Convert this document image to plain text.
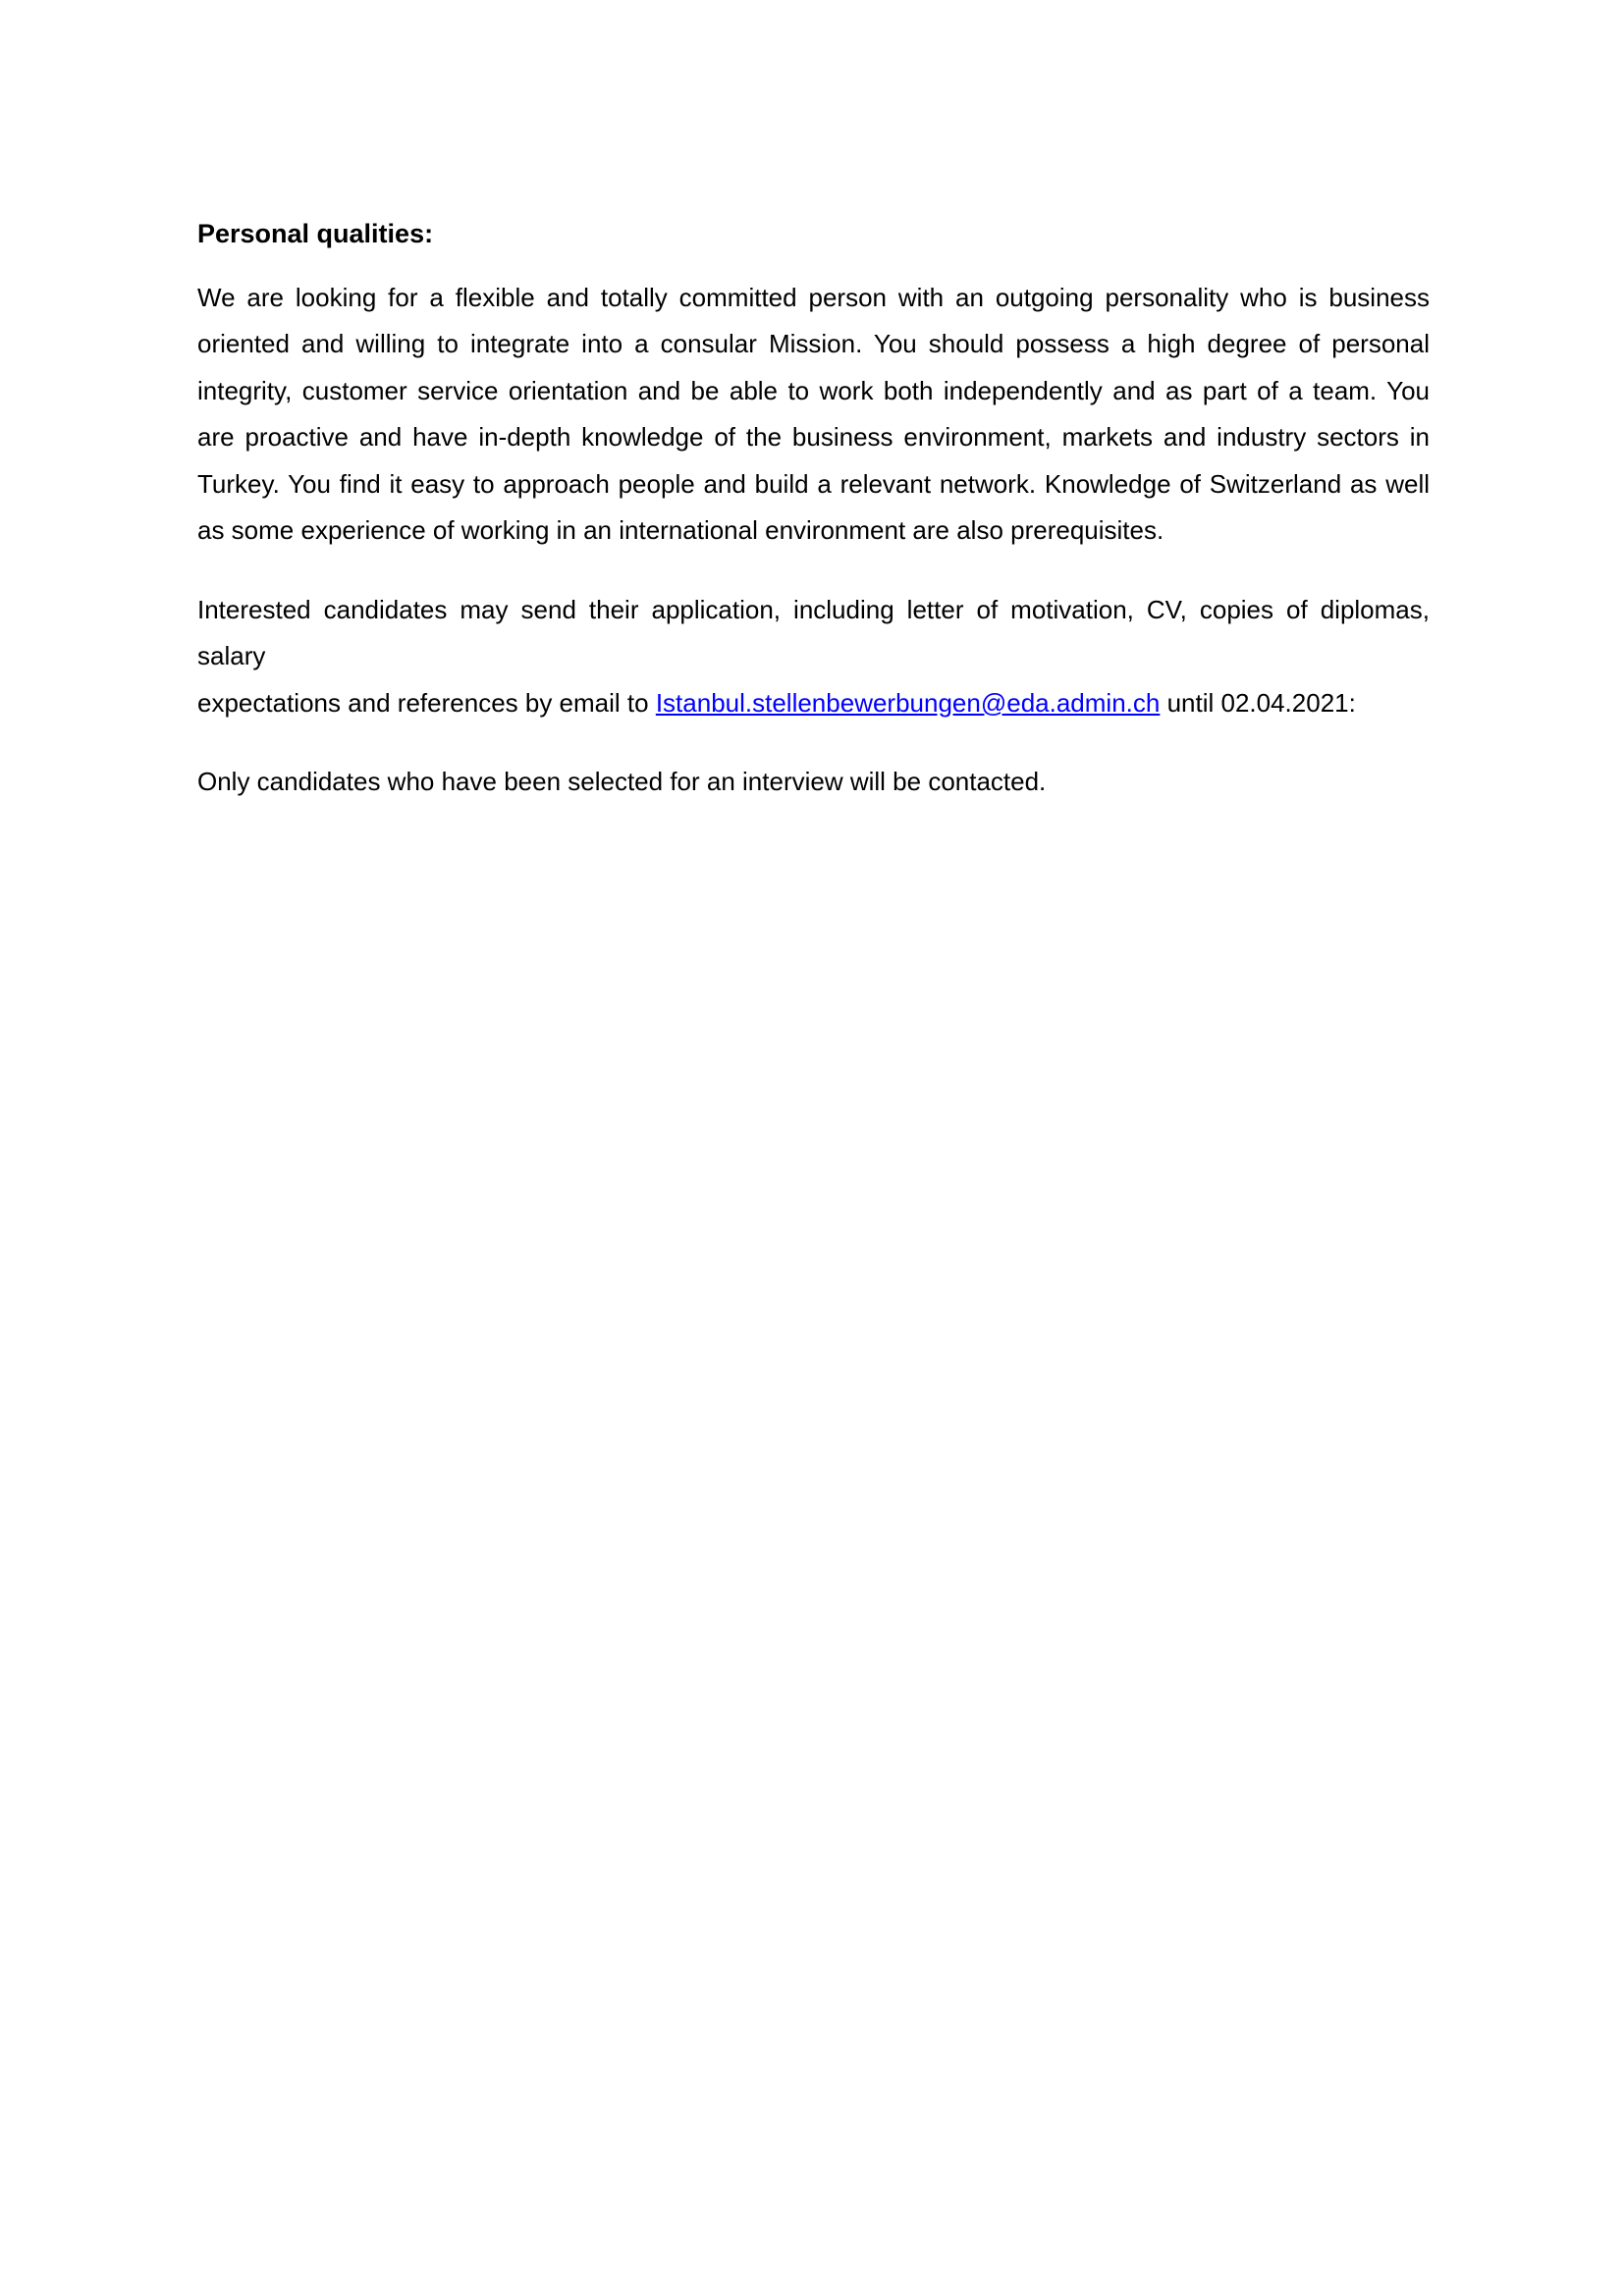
Personal qualities:
We are looking for a flexible and totally committed person with an outgoing personality who is business
oriented and willing to integrate into a consular Mission. You should possess a high degree of personal
integrity, customer service orientation and be able to work both independently and as part of a team. You
are proactive and have in-depth knowledge of the business environment, markets and industry sectors in
Turkey. You find it easy to approach people and build a relevant network. Knowledge of Switzerland as well
as some experience of working in an international environment are also prerequisites.
Interested candidates may send their application, including letter of motivation, CV, copies of diplomas, salary
expectations and references by email to Istanbul.stellenbewerbungen@eda.admin.ch until 02.04.2021:
Only candidates who have been selected for an interview will be contacted.
